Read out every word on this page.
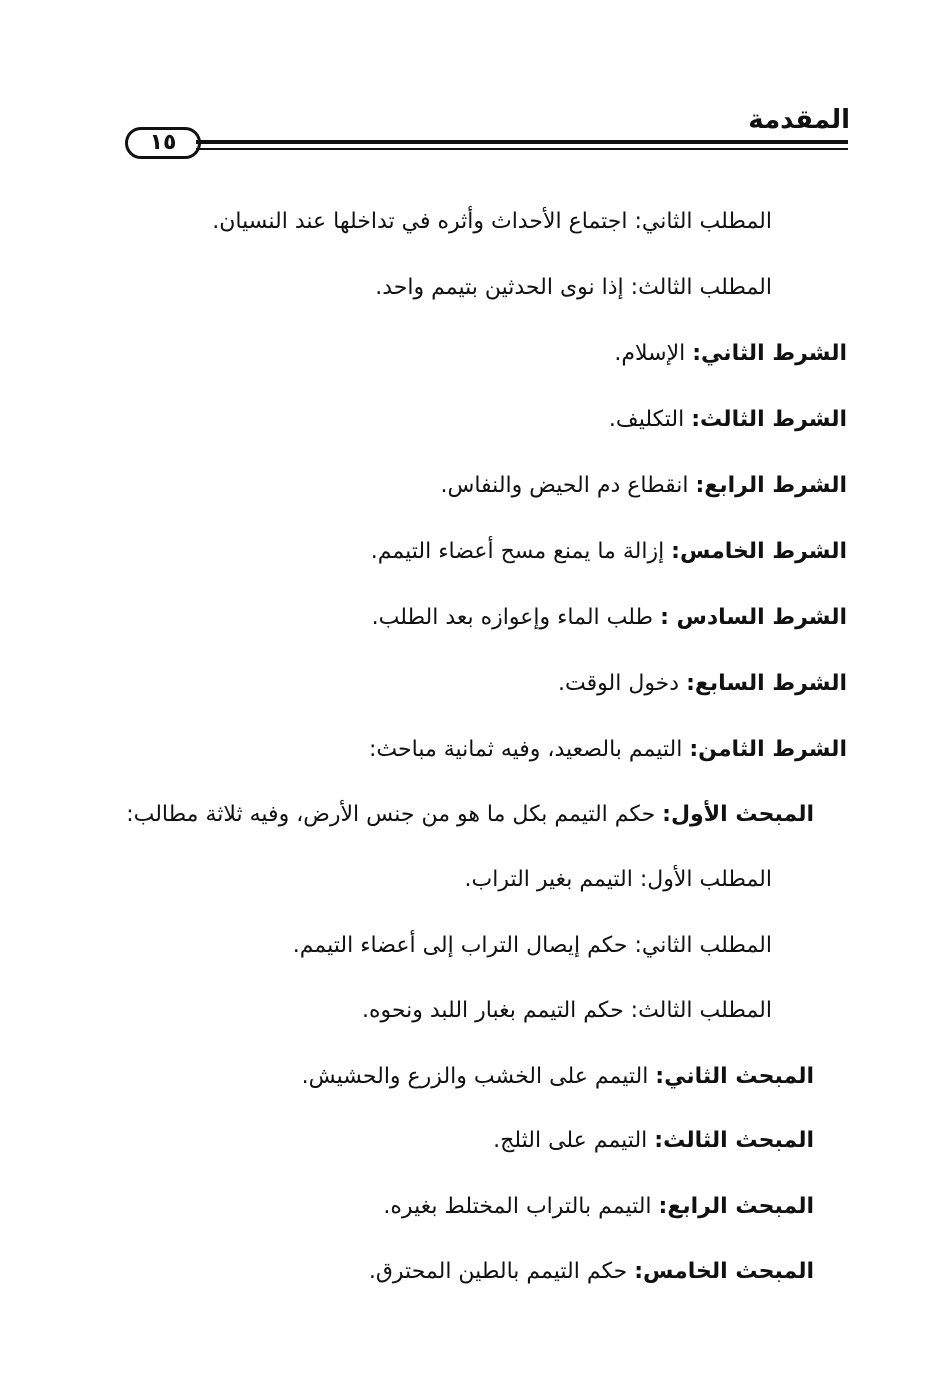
المقدمة
١٥
المطلب الثاني: اجتماع الأحداث وأثره في تداخلها عند النسيان.
المطلب الثالث: إذا نوى الحدثين بتيمم واحد.
الشرط الثاني: الإسلام.
الشرط الثالث: التكليف.
الشرط الرابع: انقطاع دم الحيض والنفاس.
الشرط الخامس: إزالة ما يمنع مسح أعضاء التيمم.
الشرط السادس : طلب الماء وإعوازه بعد الطلب.
الشرط السابع: دخول الوقت.
الشرط الثامن: التيمم بالصعيد، وفيه ثمانية مباحث:
المبحث الأول: حكم التيمم بكل ما هو من جنس الأرض، وفيه ثلاثة مطالب:
المطلب الأول: التيمم بغير التراب.
المطلب الثاني: حكم إيصال التراب إلى أعضاء التيمم.
المطلب الثالث: حكم التيمم بغبار اللبد ونحوه.
المبحث الثاني: التيمم على الخشب والزرع والحشيش.
المبحث الثالث: التيمم على الثلج.
المبحث الرابع: التيمم بالتراب المختلط بغيره.
المبحث الخامس: حكم التيمم بالطين المحترق.
